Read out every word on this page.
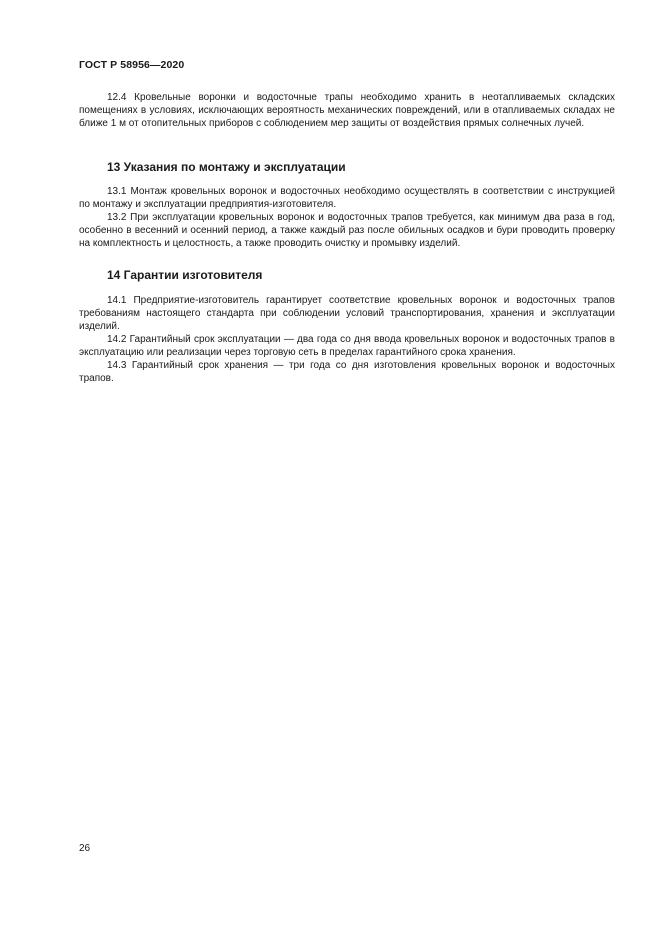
ГОСТ Р 58956—2020

12.4 Кровельные воронки и водосточные трапы необходимо хранить в неотапливаемых складских помещениях в условиях, исключающих вероятность механических повреждений, или в отапливаемых складах не ближе 1 м от отопительных приборов с соблюдением мер защиты от воздействия прямых солнечных лучей.

13 Указания по монтажу и эксплуатации

13.1 Монтаж кровельных воронок и водосточных необходимо осуществлять в соответствии с инструкцией по монтажу и эксплуатации предприятия-изготовителя.

13.2 При эксплуатации кровельных воронок и водосточных трапов требуется, как минимум два раза в год, особенно в весенний и осенний период, а также каждый раз после обильных осадков и бури проводить проверку на комплектность и целостность, а также проводить очистку и промывку изделий.

14 Гарантии изготовителя

14.1 Предприятие-изготовитель гарантирует соответствие кровельных воронок и водосточных трапов требованиям настоящего стандарта при соблюдении условий транспортирования, хранения и эксплуатации изделий.

14.2 Гарантийный срок эксплуатации — два года со дня ввода кровельных воронок и водосточных трапов в эксплуатацию или реализации через торговую сеть в пределах гарантийного срока хранения.

14.3 Гарантийный срок хранения — три года со дня изготовления кровельных воронок и водосточных трапов.

26
